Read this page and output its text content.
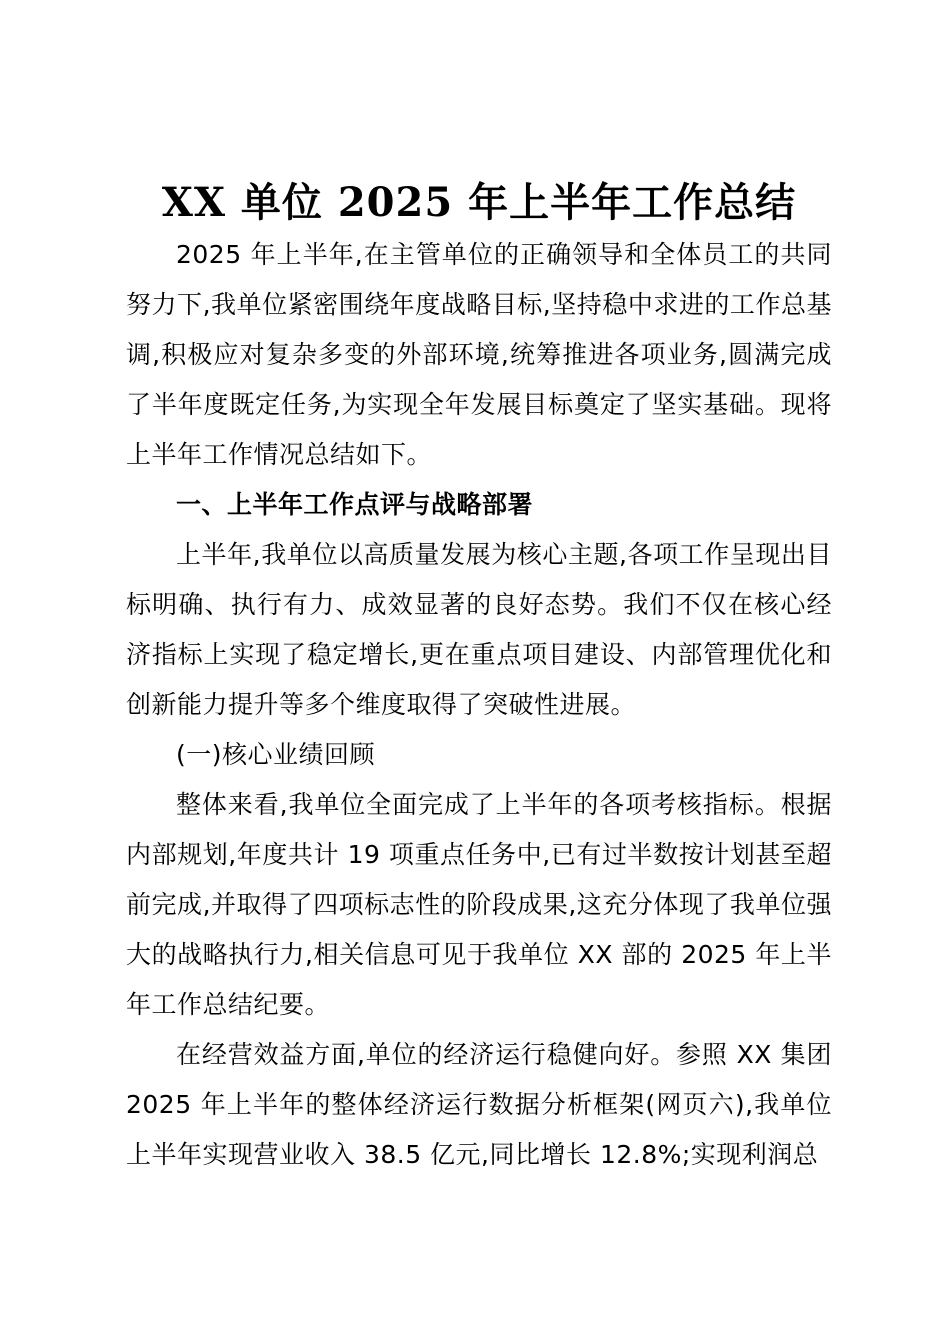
XX 单位 2025 年上半年工作总结

2025 年上半年,在主管单位的正确领导和全体员工的共同努力下,我单位紧密围绕年度战略目标,坚持稳中求进的工作总基调,积极应对复杂多变的外部环境,统筹推进各项业务,圆满完成了半年度既定任务,为实现全年发展目标奠定了坚实基础。现将上半年工作情况总结如下。

一、上半年工作点评与战略部署

上半年,我单位以高质量发展为核心主题,各项工作呈现出目标明确、执行有力、成效显著的良好态势。我们不仅在核心经济指标上实现了稳定增长,更在重点项目建设、内部管理优化和创新能力提升等多个维度取得了突破性进展。

(一)核心业绩回顾

整体来看,我单位全面完成了上半年的各项考核指标。根据内部规划,年度共计 19 项重点任务中,已有过半数按计划甚至超前完成,并取得了四项标志性的阶段成果,这充分体现了我单位强大的战略执行力,相关信息可见于我单位 XX 部的 2025 年上半年工作总结纪要。

在经营效益方面,单位的经济运行稳健向好。参照 XX 集团 2025 年上半年的整体经济运行数据分析框架(网页六),我单位上半年实现营业收入 38.5 亿元,同比增长 12.8%;实现利润总
